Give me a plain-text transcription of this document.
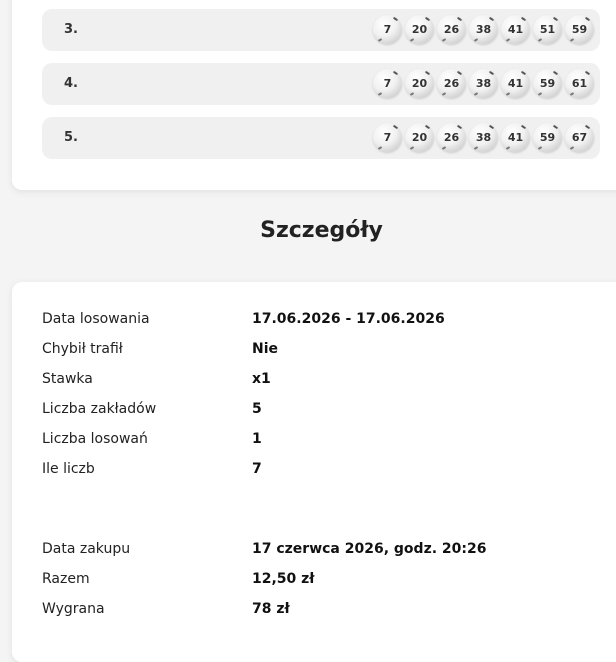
3.	7	20	26	38	41	51	59
4.	7	20	26	38	41	59	61
5.	7	20	26	38	41	59	67
Szczegóły
Data losowania	17.06.2026 - 17.06.2026
Chybił trafił	Nie
Stawka	x1
Liczba zakładów	5
Liczba losowań	1
Ile liczb	7
Data zakupu	17 czerwca 2026, godz. 20:26
Razem	12,50 zł
Wygrana	78 zł
